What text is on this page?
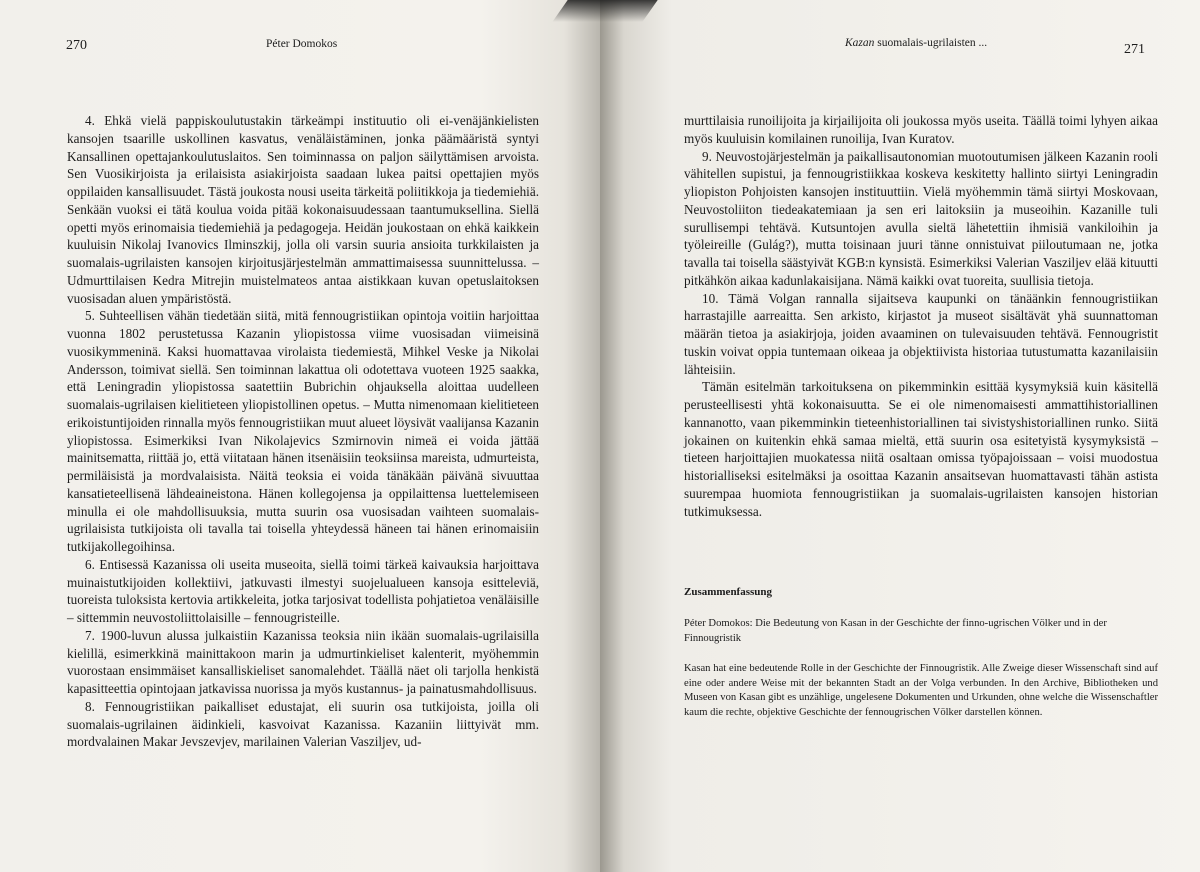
270	Péter Domokos

4. Ehkä vielä pappiskoulutustakin tärkeämpi instituutio oli ei-venäjänkielisten kansojen tsaarille uskollinen kasvatus, venäläistäminen, jonka päämääristä syntyi Kansallinen opettajankoulutuslaitos. Sen toiminnassa on paljon säilyttämisen arvoista. Sen Vuosikirjoista ja erilaisista asiakirjoista saadaan lukea paitsi opettajien myös oppilaiden kansallisuudet. Tästä joukosta nousi useita tärkeitä poliitikkoja ja tiedemiehiä. Senkään vuoksi ei tätä koulua voida pitää kokonaisuudessaan taantumuksellina. Siellä opetti myös erinomaisia tiedemiehiä ja pedagogeja. Heidän joukostaan on ehkä kaikkein kuuluisin Nikolaj Ivanovics Ilminszkij, jolla oli varsin suuria ansioita turkkilaisten ja suomalais-ugrilaisten kansojen kirjoitusjärjestelmän ammattimaisessa suunnittelussa. – Udmurttilaisen Kedra Mitrejin muistelmateos antaa aistikkaan kuvan opetuslaitoksen vuosisadan aluen ympäristöstä.

5. Suhteellisen vähän tiedetään siitä, mitä fennougristiikan opintoja voitiin harjoittaa vuonna 1802 perustetussa Kazanin yliopistossa viime vuosisadan viimeisinä vuosikymmeninä. Kaksi huomattavaa virolaista tiedemiestä, Mihkel Veske ja Nikolai Andersson, toimivat siellä. Sen toiminnan lakattua oli odotettava vuoteen 1925 saakka, että Leningradin yliopistossa saatettiin Bubrichin ohjauksella aloittaa uudelleen suomalais-ugrilaisen kielitieteen yliopistollinen opetus. – Mutta nimenomaan kielitieteen erikoistuntijoiden rinnalla myös fennougristiikan muut alueet löysivät vaalijansa Kazanin yliopistossa. Esimerkiksi Ivan Nikolajevics Szmirnovin nimeä ei voida jättää mainitsematta, riittää jo, että viitataan hänen itsenäisiin teoksiinsa mareista, udmurteista, permiläisistä ja mordvalaisista. Näitä teoksia ei voida tänäkään päivänä sivuuttaa kansatieteellisenä lähdeaineistona. Hänen kollegojensa ja oppilaittensa luettelemiseen minulla ei ole mahdollisuuksia, mutta suurin osa vuosisadan vaihteen suomalais-ugrilaisista tutkijoista oli tavalla tai toisella yhteydessä häneen tai hänen erinomaisiin tutkijakollegoihinsa.

6. Entisessä Kazanissa oli useita museoita, siellä toimi tärkeä kaivauksia harjoittava muinaistutkijoiden kollektiivi, jatkuvasti ilmestyi suojelualueen kansoja esitteleviä, tuoreista tuloksista kertovia artikkeleita, jotka tarjosivat todellista pohjatietoa venäläisille – sittemmin neuvostoliittolaisille – fennougristeille.

7. 1900-luvun alussa julkaistiin Kazanissa teoksia niin ikään suomalais-ugrilaisilla kielillä, esimerkkinä mainittakoon marin ja udmurtinkieliset kalenterit, myöhemmin vuorostaan ensimmäiset kansalliskieliset sanomalehdet. Täällä näet oli tarjolla henkistä kapasitteettia opintojaan jatkavissa nuorissa ja myös kustannus- ja painatusmahdollisuus.

8. Fennougristiikan paikalliset edustajat, eli suurin osa tutkijoista, joilla oli suomalais-ugrilainen äidinkieli, kasvoivat Kazanissa. Kazaniin liittyivät mm. mordvalainen Makar Jevszevjev, marilainen Valerian Vasziljev, ud-

Kazan suomalais-ugrilaisten ...	271

murttilaisia runoilijoita ja kirjailijoita oli joukossa myös useita. Täällä toimi lyhyen aikaa myös kuuluisin komilainen runoilija, Ivan Kuratov.

9. Neuvostojärjestelmän ja paikallisautonomian muotoutumisen jälkeen Kazanin rooli vähitellen supistui, ja fennougristiikkaa koskeva keskitetty hallinto siirtyi Leningradin yliopiston Pohjoisten kansojen instituuttiin. Vielä myöhemmin tämä siirtyi Moskovaan, Neuvostoliiton tiedeakatemiaan ja sen eri laitoksiin ja museoihin. Kazanille tuli surullisempi tehtävä. Kutsuntojen avulla sieltä lähetettiin ihmisiä vankiloihin ja työleireille (Gulág?), mutta toisinaan juuri tänne onnistuivat piiloutumaan ne, jotka tavalla tai toisella säästyivät KGB:n kynsistä. Esimerkiksi Valerian Vasziljev elää kituutti pitkähkön aikaa kadunlakaisijana. Nämä kaikki ovat tuoreita, suullisia tietoja.

10. Tämä Volgan rannalla sijaitseva kaupunki on tänäänkin fennougristiikan harrastajille aarreaitta. Sen arkisto, kirjastot ja museot sisältävät yhä suunnattoman määrän tietoa ja asiakirjoja, joiden avaaminen on tulevaisuuden tehtävä. Fennougristit tuskin voivat oppia tuntemaan oikeaa ja objektiivista historiaa tutustumatta kazanilaisiin lähteisiin.

Tämän esitelmän tarkoituksena on pikemminkin esittää kysymyksiä kuin käsitellä perusteellisesti yhtä kokonaisuutta. Se ei ole nimenomaisesti ammattihistoriallinen kannanotto, vaan pikemminkin tieteenhistoriallinen tai sivistyshistoriallinen runko. Siitä jokainen on kuitenkin ehkä samaa mieltä, että suurin osa esitetyistä kysymyksistä – tieteen harjoittajien muokatessa niitä osaltaan omissa työpajoissaan – voisi muodostua historialliseksi esitelmäksi ja osoittaa Kazanin ansaitsevan huomattavasti tähän astista suurempaa huomiota fennougristiikan ja suomalais-ugrilaisten kansojen historian tutkimuksessa.

Zusammenfassung
Péter Domokos: Die Bedeutung von Kasan in der Geschichte der finno-ugrischen Völker und in der Finnougristik
Kasan hat eine bedeutende Rolle in der Geschichte der Finnougristik. Alle Zweige dieser Wissenschaft sind auf eine oder andere Weise mit der bekannten Stadt an der Volga verbunden. In den Archive, Bibliotheken und Museen von Kasan gibt es unzählige, ungelesene Dokumenten und Urkunden, ohne welche die Wissenschaftler kaum die rechte, objektive Geschichte der fennougrischen Völker darstellen können.
